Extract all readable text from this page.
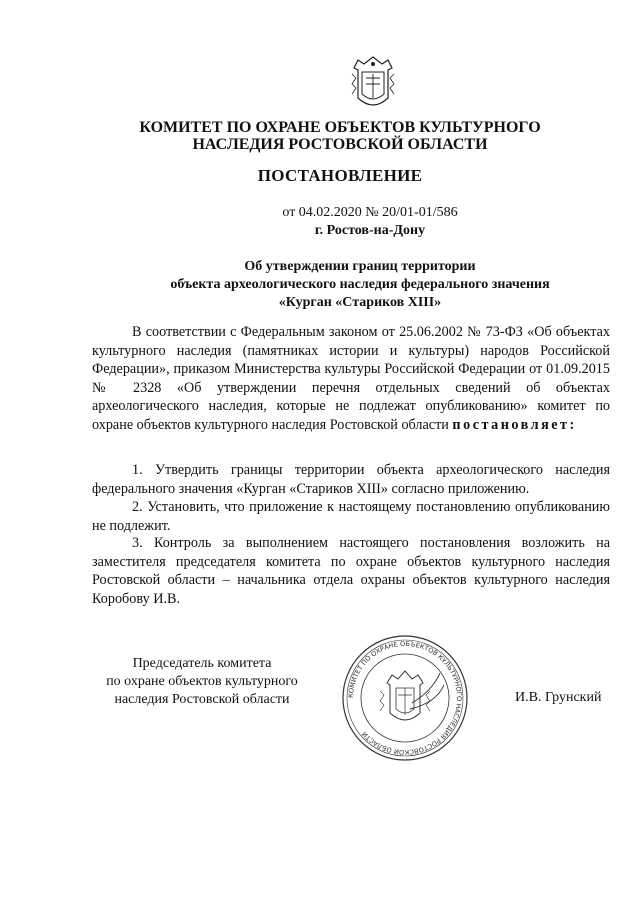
КОМИТЕТ ПО ОХРАНЕ ОБЪЕКТОВ КУЛЬТУРНОГО
НАСЛЕДИЯ РОСТОВСКОЙ ОБЛАСТИ
ПОСТАНОВЛЕНИЕ
от 04.02.2020 № 20/01-01/586
г. Ростов-на-Дону
Об утверждении границ территории
объекта археологического наследия федерального значения
«Курган «Стариков XIII»
В соответствии с Федеральным законом от 25.06.2002 № 73-ФЗ «Об объектах культурного наследия (памятниках истории и культуры) народов Российской Федерации», приказом Министерства культуры Российской Федерации от 01.09.2015 № 2328 «Об утверждении перечня отдельных сведений об объектах археологического наследия, которые не подлежат опубликованию» комитет по охране объектов культурного наследия Ростовской области постановляет:
1. Утвердить границы территории объекта археологического наследия федерального значения «Курган «Стариков XIII» согласно приложению.
2. Установить, что приложение к настоящему постановлению опубликованию не подлежит.
3. Контроль за выполнением настоящего постановления возложить на заместителя председателя комитета по охране объектов культурного наследия Ростовской области – начальника отдела охраны объектов культурного наследия Коробову И.В.
Председатель комитета
по охране объектов культурного
наследия Ростовской области	КОМИТЕТ ПО ОХРАНЕ ОБЪЕКТОВ КУЛЬТУРНОГО НАСЛЕДИЯ РОСТОВСКОЙ ОБЛАСТИ
И.В. Грунский
